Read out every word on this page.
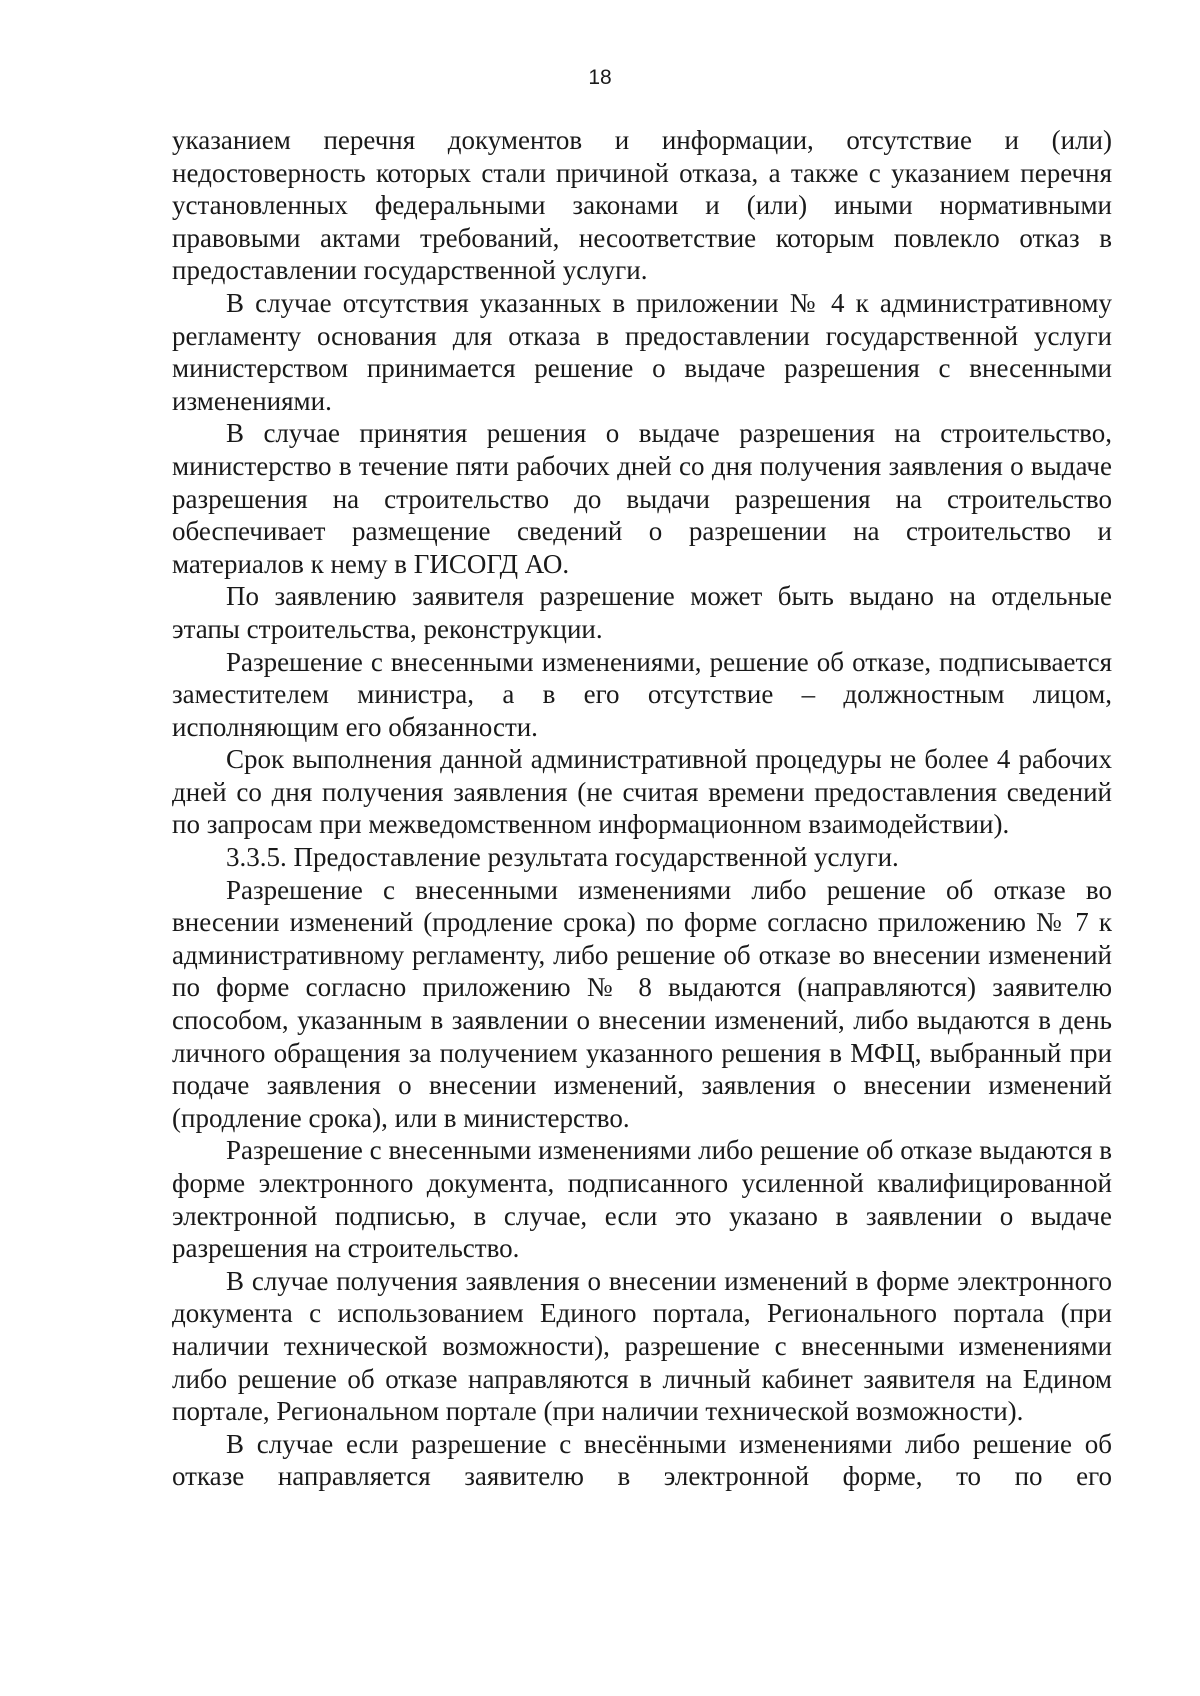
18

указанием перечня документов и информации, отсутствие и (или) недостоверность которых стали причиной отказа, а также с указанием перечня установленных федеральными законами и (или) иными нормативными правовыми актами требований, несоответствие которым повлекло отказ в предоставлении государственной услуги.

В случае отсутствия указанных в приложении № 4 к административному регламенту основания для отказа в предоставлении государственной услуги министерством принимается решение о выдаче разрешения с внесенными изменениями.

В случае принятия решения о выдаче разрешения на строительство, министерство в течение пяти рабочих дней со дня получения заявления о выдаче разрешения на строительство до выдачи разрешения на строительство обеспечивает размещение сведений о разрешении на строительство и материалов к нему в ГИСОГД АО.

По заявлению заявителя разрешение может быть выдано на отдельные этапы строительства, реконструкции.

Разрешение с внесенными изменениями, решение об отказе, подписывается заместителем министра, а в его отсутствие – должностным лицом, исполняющим его обязанности.

Срок выполнения данной административной процедуры не более 4 рабочих дней со дня получения заявления (не считая времени предоставления сведений по запросам при межведомственном информационном взаимодействии).

3.3.5. Предоставление результата государственной услуги.

Разрешение с внесенными изменениями либо решение об отказе во внесении изменений (продление срока) по форме согласно приложению № 7 к административному регламенту, либо решение об отказе во внесении изменений по форме согласно приложению № 8 выдаются (направляются) заявителю способом, указанным в заявлении о внесении изменений, либо выдаются в день личного обращения за получением указанного решения в МФЦ, выбранный при подаче заявления о внесении изменений, заявления о внесении изменений (продление срока), или в министерство.

Разрешение с внесенными изменениями либо решение об отказе выдаются в форме электронного документа, подписанного усиленной квалифицированной электронной подписью, в случае, если это указано в заявлении о выдаче разрешения на строительство.

В случае получения заявления о внесении изменений в форме электронного документа с использованием Единого портала, Регионального портала (при наличии технической возможности), разрешение с внесенными изменениями либо решение об отказе направляются в личный кабинет заявителя на Едином портале, Региональном портале (при наличии технической возможности).

В случае если разрешение с внесёнными изменениями либо решение об отказе направляется заявителю в электронной форме, то по его
